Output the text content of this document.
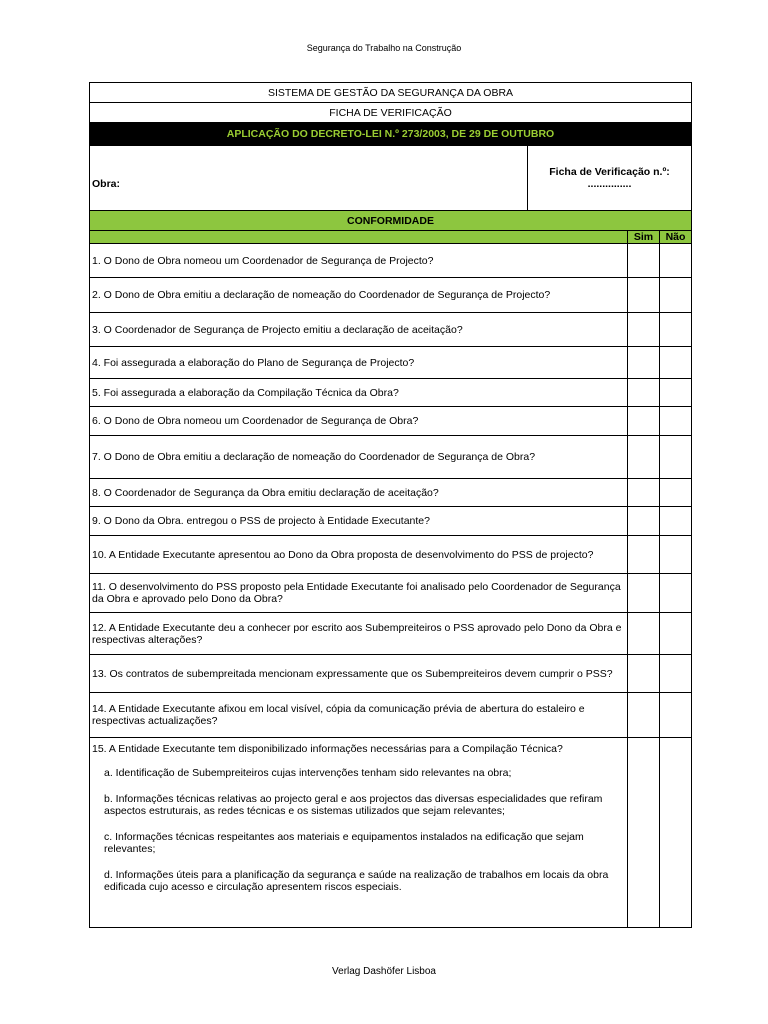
Segurança do Trabalho na Construção
SISTEMA DE GESTÃO DA SEGURANÇA DA OBRA			
FICHA DE VERIFICAÇÃO			
APLICAÇÃO DO DECRETO-LEI N.º 273/2003, DE 29 DE OUTUBRO			
Obra:	Ficha de Verificação n.º:
...............		

CONFORMIDADE			
		Sim	Não
1. O Dono de Obra nomeou um Coordenador de Segurança de Projecto?			
2. O Dono de Obra emitiu a declaração de nomeação do Coordenador de Segurança de Projecto?			
3. O Coordenador de Segurança de Projecto emitiu a declaração de aceitação?			
4. Foi assegurada a elaboração do Plano de Segurança de Projecto?			
5. Foi assegurada a elaboração da Compilação Técnica da Obra?			
6. O Dono de Obra nomeou um Coordenador de Segurança de Obra?			
7. O Dono de Obra emitiu a declaração de nomeação do Coordenador de Segurança de Obra?			
8. O Coordenador de Segurança da Obra emitiu declaração de aceitação?			
9. O Dono da Obra. entregou o PSS de projecto à Entidade Executante?			
10. A Entidade Executante apresentou ao Dono da Obra proposta de desenvolvimento do PSS de projecto?			
11. O desenvolvimento do PSS proposto pela Entidade Executante foi analisado pelo Coordenador de Segurança da Obra e aprovado pelo Dono da Obra?			
12. A Entidade Executante deu a conhecer por escrito aos Subempreiteiros o PSS aprovado pelo Dono da Obra e respectivas alterações?			
13. Os contratos de subempreitada mencionam expressamente que os Subempreiteiros devem cumprir o PSS?			
14. A Entidade Executante afixou em local visível, cópia da comunicação prévia de abertura do estaleiro e respectivas actualizações?			
15. A Entidade Executante tem disponibilizado informações necessárias para a Compilação Técnica?
a. Identificação de Subempreiteiros cujas intervenções tenham sido relevantes na obra;
b. Informações técnicas relativas ao projecto geral e aos projectos das diversas especialidades que refiram aspectos estruturais, as redes técnicas e os sistemas utilizados que sejam relevantes;
c. Informações técnicas respeitantes aos materiais e equipamentos instalados na edificação que sejam relevantes;
d. Informações úteis para a planificação da segurança e saúde na realização de trabalhos em locais da obra edificada cujo acesso e circulação apresentem riscos especiais.			

Verlag Dashöfer Lisboa
